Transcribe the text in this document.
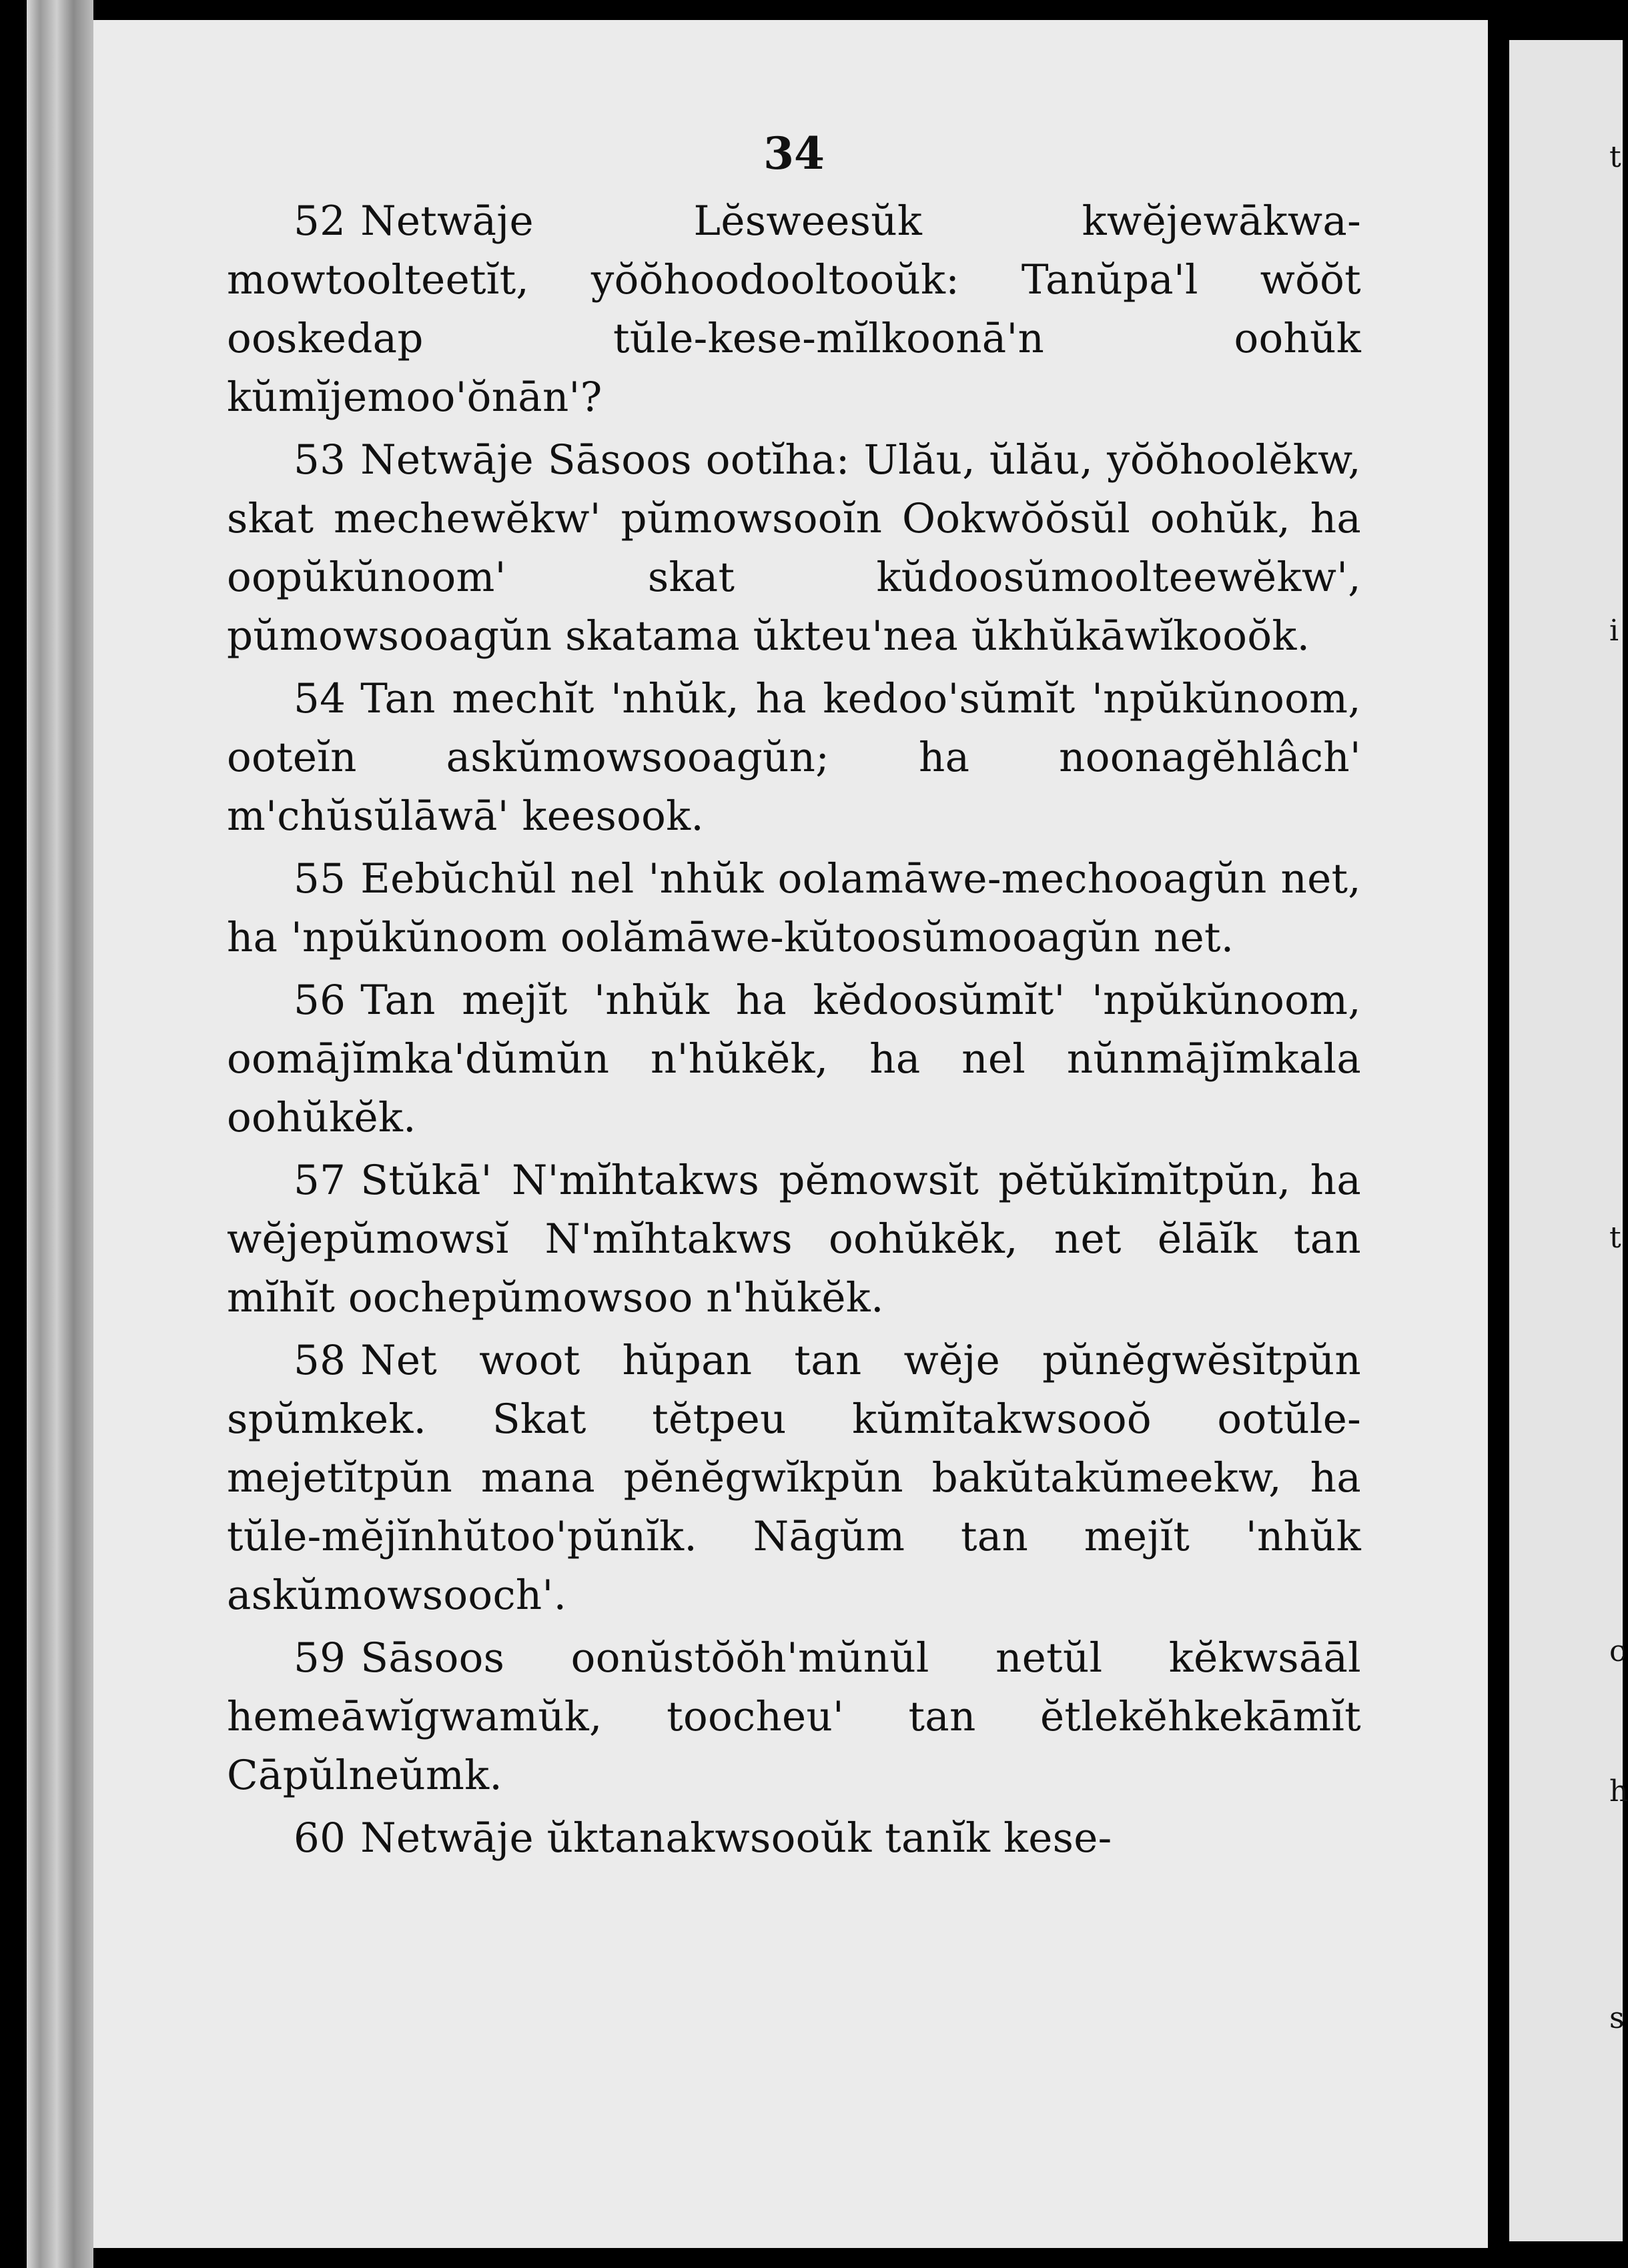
34

52 Netwāje Lĕsweesŭk kwĕjewākwa-mowtoolteetĭt, yŏŏhoodooltooŭk: Tanŭpa'l wŏŏt ooskedap tŭle-kese-mĭlkoonā'n oohŭk kŭmĭjemoo'ŏnān'?

53 Netwāje Sāsoos ootĭha: Ulău, ŭlău, yŏŏhoolĕkw, skat mechewĕkw' pŭmowsooĭn Ookwŏŏsŭl oohŭk, ha oopŭkŭnoom' skat kŭdoosŭmoolteewĕkw', pŭmowsooagŭn skatama ŭkteu'nea ŭkhŭkāwĭkooŏk.

54 Tan mechĭt 'nhŭk, ha kedoo'sŭmĭt 'npŭkŭnoom, ooteĭn askŭmowsooagŭn; ha noonagĕhlâch' m'chŭsŭlāwā' keesook.

55 Eebŭchŭl nel 'nhŭk oolamāwe-mechooagŭn net, ha 'npŭkŭnoom oolămāwe-kŭtoosŭmooagŭn net.

56 Tan mejĭt 'nhŭk ha kĕdoosŭmĭt' 'npŭkŭnoom, oomājĭmka'dŭmŭn n'hŭkĕk, ha nel nŭnmājĭmkala oohŭkĕk.

57 Stŭkā' N'mĭhtakws pĕmowsĭt pĕtŭkĭmĭtpŭn, ha wĕjepŭmowsĭ N'mĭhtakws oohŭkĕk, net ĕlāĭk tan mĭhĭt oochepŭmowsoo n'hŭkĕk.

58 Net woot hŭpan tan wĕje pŭnĕgwĕsĭtpŭn spŭmkek. Skat tĕtpeu kŭmĭtakwsooŏ ootŭle-mejetĭtpŭn mana pĕnĕgwĭkpŭn bakŭtakŭmeekw, ha tŭle-mĕjĭnhŭtoo'pŭnĭk. Nāgŭm tan mejĭt 'nhŭk askŭmowsooch'.

59 Sāsoos oonŭstŏŏh'mŭnŭl netŭl kĕkwsāāl hemeāwĭgwamŭk, toocheu' tan ĕtlekĕhkekāmĭt Cāpŭlneŭmk.

60 Netwāje ŭktanakwsooŭk tanĭk kese-

t
i
t
c
h
s
